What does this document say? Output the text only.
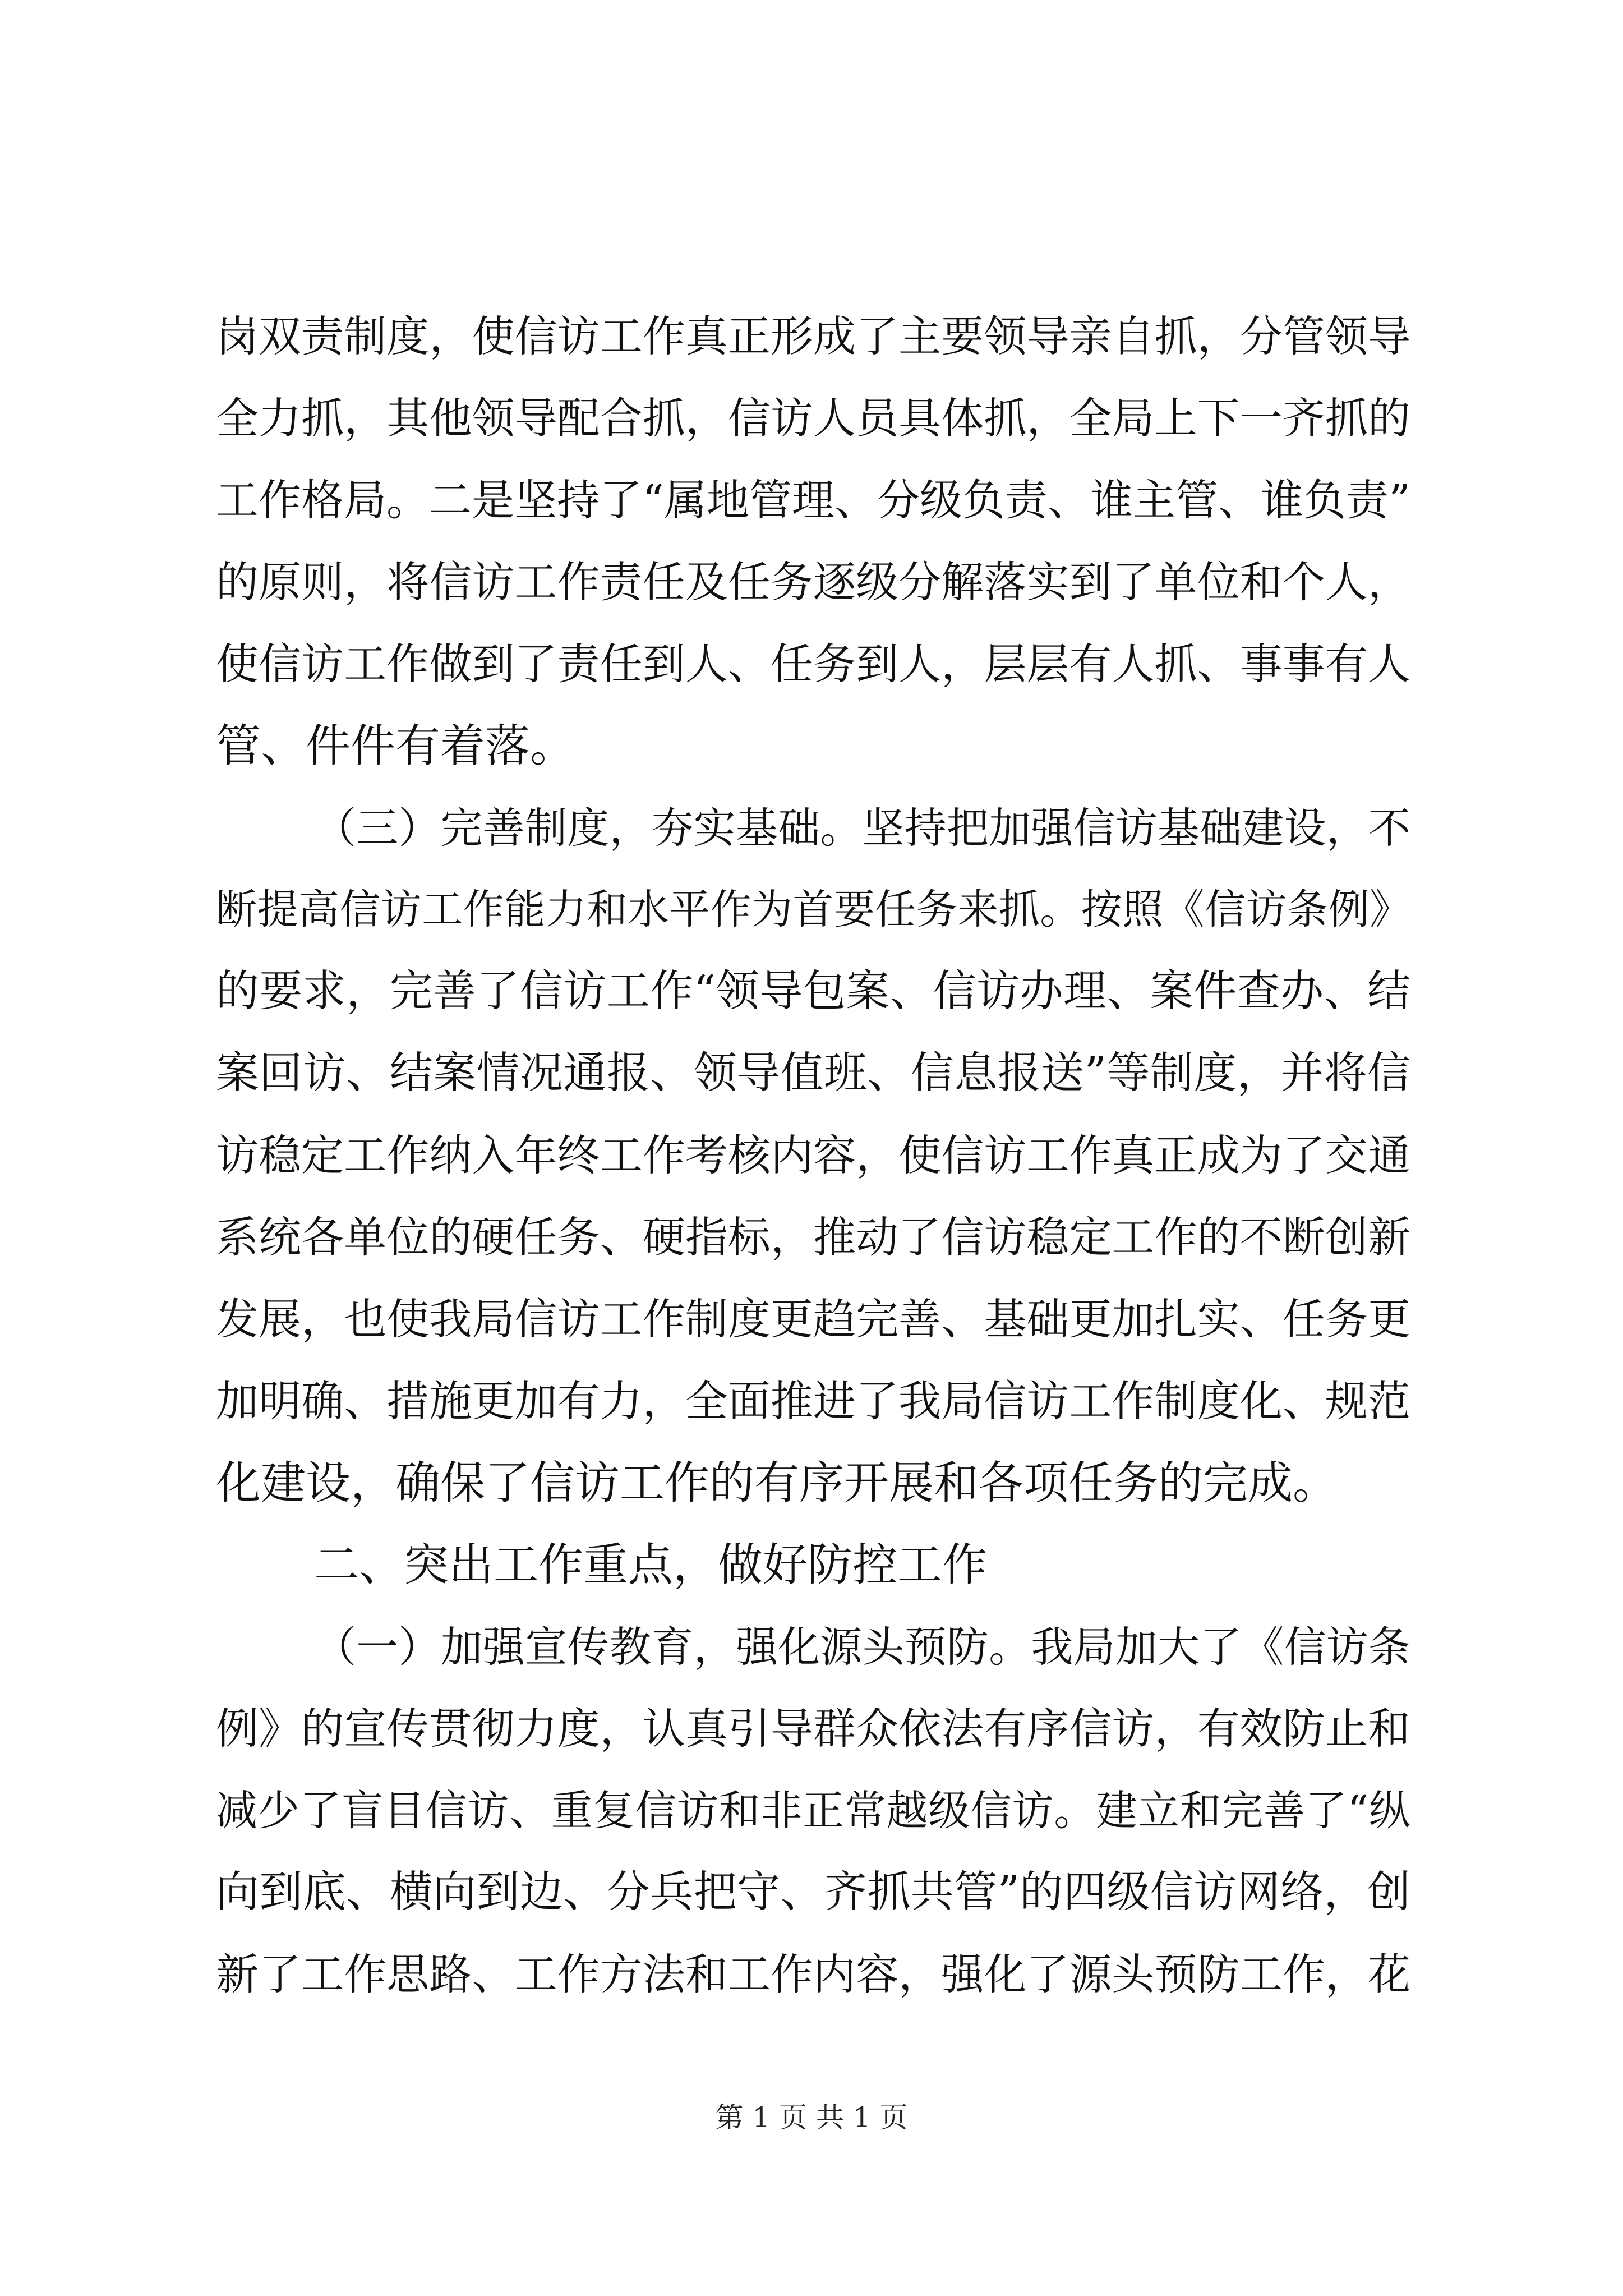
岗双责制度，使信访工作真正形成了主要领导亲自抓，分管领导
全力抓，其他领导配合抓，信访人员具体抓，全局上下一齐抓的
工作格局。二是坚持了“属地管理、分级负责、谁主管、谁负责”
的原则，将信访工作责任及任务逐级分解落实到了单位和个人，
使信访工作做到了责任到人、任务到人，层层有人抓、事事有人
管、件件有着落。
（三）完善制度，夯实基础。坚持把加强信访基础建设，不
断提高信访工作能力和水平作为首要任务来抓。按照《信访条例》
的要求，完善了信访工作“领导包案、信访办理、案件查办、结
案回访、结案情况通报、领导值班、信息报送”等制度，并将信
访稳定工作纳入年终工作考核内容，使信访工作真正成为了交通
系统各单位的硬任务、硬指标，推动了信访稳定工作的不断创新
发展，也使我局信访工作制度更趋完善、基础更加扎实、任务更
加明确、措施更加有力，全面推进了我局信访工作制度化、规范
化建设，确保了信访工作的有序开展和各项任务的完成。
二、突出工作重点，做好防控工作
（一）加强宣传教育，强化源头预防。我局加大了《信访条
例》的宣传贯彻力度，认真引导群众依法有序信访，有效防止和
减少了盲目信访、重复信访和非正常越级信访。建立和完善了“纵
向到底、横向到边、分兵把守、齐抓共管”的四级信访网络，创
新了工作思路、工作方法和工作内容，强化了源头预防工作，花
第 1 页 共 1 页
